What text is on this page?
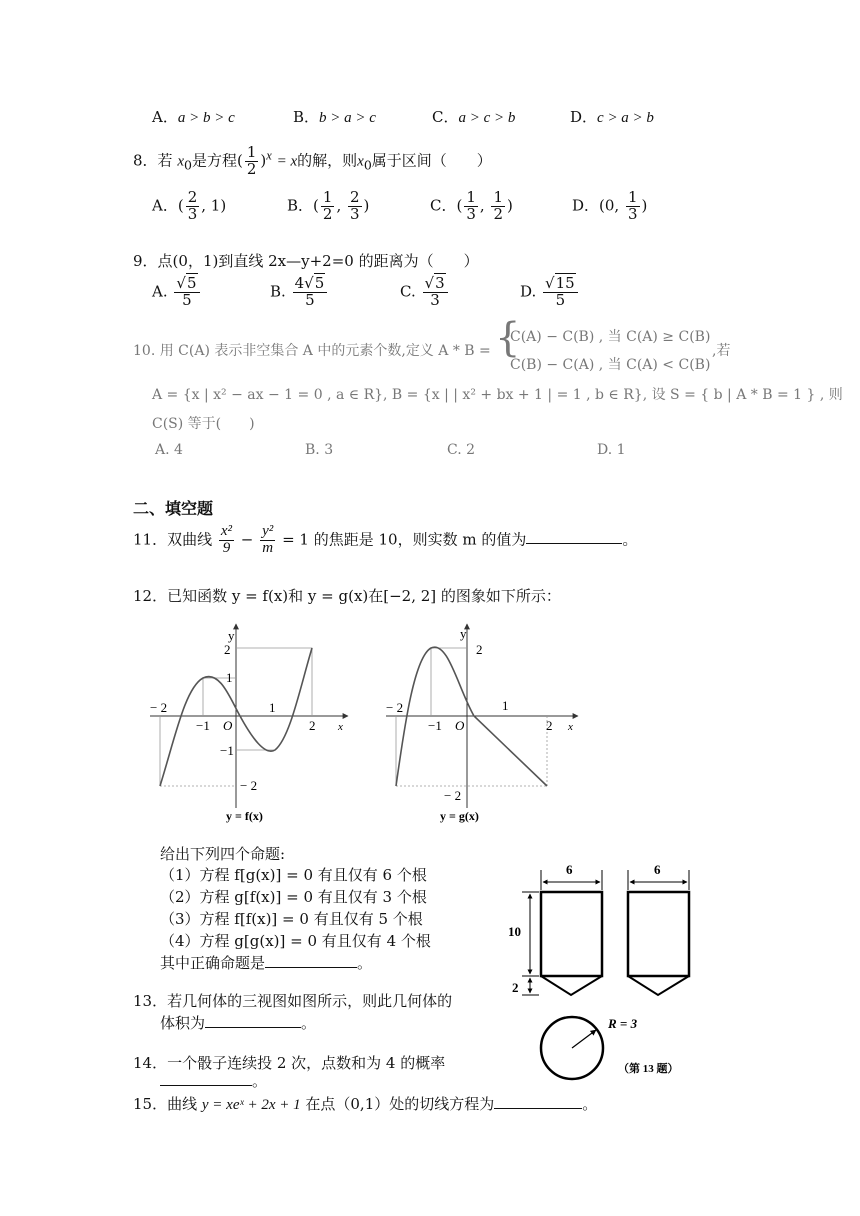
A．a > b > c	B．b > a > c	C．a > c > b	D．c > a > b
8．若 $x_0$是方程( $\frac{1}{2} )^x = x$的解，则$x_0$属于区间（　　）
A．( $\frac{2}{3}$ , 1)	B．( $\frac{1}{2}$ , $\frac{2}{3}$ )	C．( $\frac{1}{3}$ , $\frac{1}{2}$ )	D．(0, $\frac{1}{3}$ )
9．点(0，1)到直线 2x—y+2=0 的距离为（　　）
A. $\frac{√5}{5}$	B. $\frac{4√5}{5}$	C. $\frac{√3}{3}$	D. $\frac{√15}{5}$
10. 用 C(A) 表示非空集合 A 中的元素个数,定义 A * B = {
C(A) − C(B) , 当 C(A) ≥ C(B)
C(B) − C(A) , 当 C(A) < C(B)
,若
A = {x | x² − ax − 1 = 0 , a ∈ R}, B = {x | | x² + bx + 1 | = 1 , b ∈ R}, 设 S = { b | A * B = 1 } , 则
C(S) 等于(　　)
A. 4	B. 3	C. 2	D. 1
二、填空题
11．双曲线 $\frac{\text{x²}}{9} - \frac{\text{y²}}{m} = 1$ 的焦距是 10，则实数 m 的值为	。
12．已知函数 y = f(x)和 y = g(x)在[−2, 2] 的图象如下所示：
y
2
1
− 2
−1 O
1
2 x
−1
− 2
y = f(x)
y
2
− 2
−1 O
1
2 x
− 2
y = g(x)
给出下列四个命题:
（1）方程 f[g(x)] = 0 有且仅有 6 个根
（2）方程 g[f(x)] = 0 有且仅有 3 个根
（3）方程 f[f(x)] = 0 有且仅有 5 个根
（4）方程 g[g(x)] = 0 有且仅有 4 个根
其中正确命题是	。
13．若几何体的三视图如图所示，则此几何体的
体积为	。
6	6
10
2
R = 3
（第 13 题）
14．一个骰子连续投 2 次，点数和为 4 的概率
。
15．曲线 y = xeˣ + 2x + 1 在点（0,1）处的切线方程为	。
